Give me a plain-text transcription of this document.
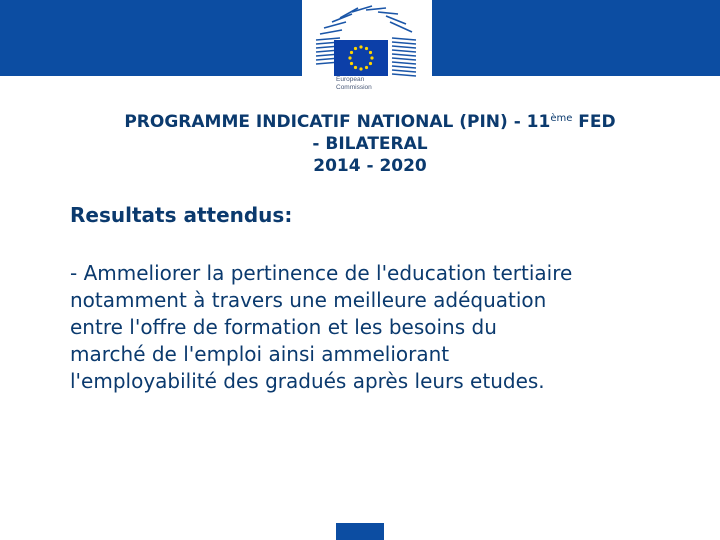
European
Commission
PROGRAMME INDICATIF NATIONAL (PIN) - 11ème FED
- BILATERAL
2014 - 2020
Resultats attendus:
- Ammeliorer la pertinence de l'education tertiaire
notamment à travers une meilleure adéquation
entre l'offre de formation et les besoins du
marché de l'emploi ainsi ammeliorant
l'employabilité des gradués après leurs etudes.
